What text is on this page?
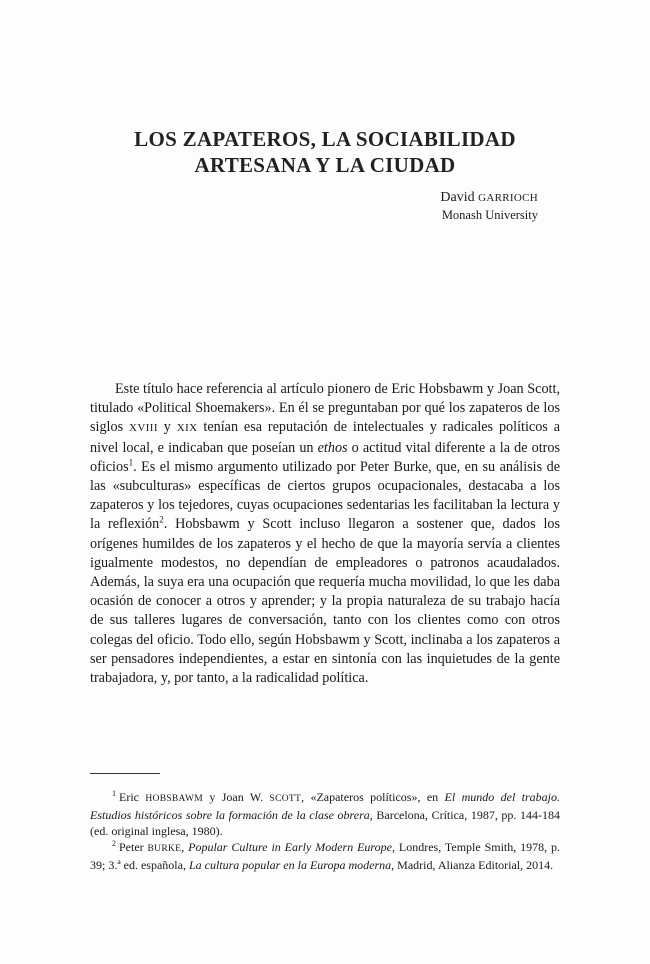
LOS ZAPATEROS, LA SOCIABILIDAD
ARTESANA Y LA CIUDAD
David GARRIOCH
Monash University

Este título hace referencia al artículo pionero de Eric Hobsbawm y Joan Scott, titulado «Political Shoemakers». En él se preguntaban por qué los zapateros de los siglos XVIII y XIX tenían esa reputación de intelectuales y radicales políticos a nivel local, e indicaban que poseían un ethos o actitud vital diferente a la de otros oficios$^1$. Es el mismo argumento utilizado por Peter Burke, que, en su análisis de las «subculturas» específicas de ciertos grupos ocupacionales, destacaba a los zapateros y los tejedores, cuyas ocupaciones sedentarias les facilitaban la lectura y la reflexión$^2$. Hobsbawm y Scott incluso llegaron a sostener que, dados los orígenes humildes de los zapateros y el hecho de que la mayoría servía a clientes igualmente modestos, no dependían de empleadores o patronos acaudalados. Además, la suya era una ocupación que requería mucha movilidad, lo que les daba ocasión de conocer a otros y aprender; y la propia naturaleza de su trabajo hacía de sus talleres lugares de conversación, tanto con los clientes como con otros colegas del oficio. Todo ello, según Hobsbawm y Scott, inclinaba a los zapateros a ser pensadores independientes, a estar en sintonía con las inquietudes de la gente trabajadora, y, por tanto, a la radicalidad política.

$^1$ Eric HOBSBAWM y Joan W. SCOTT, «Zapateros políticos», en El mundo del trabajo. Estudios históricos sobre la formación de la clase obrera, Barcelona, Crítica, 1987, pp. 144-184 (ed. original inglesa, 1980).

$^2$ Peter BURKE, Popular Culture in Early Modern Europe, Londres, Temple Smith, 1978, p. 39; 3.ª ed. española, La cultura popular en la Europa moderna, Madrid, Alianza Editorial, 2014.
